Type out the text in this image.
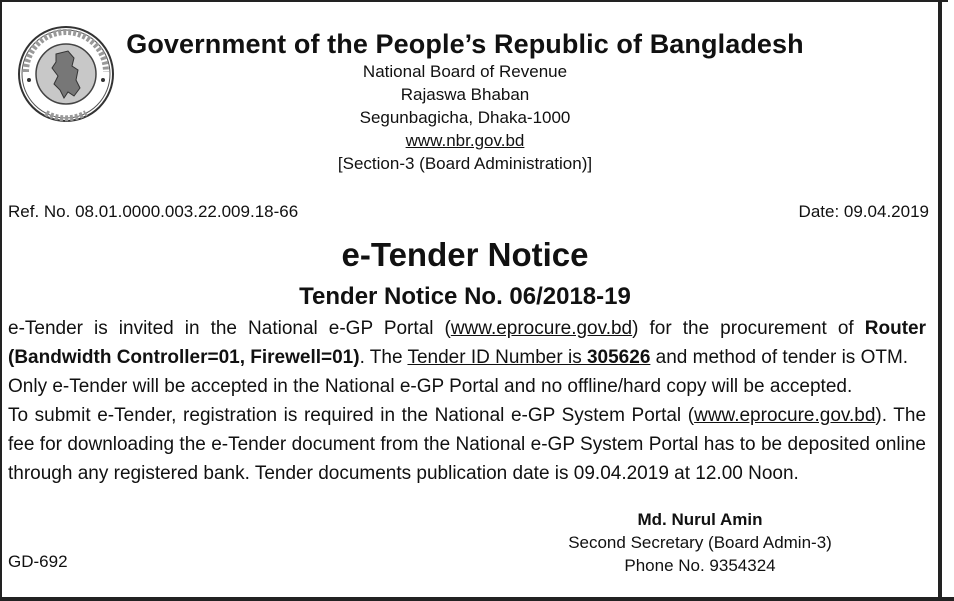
Government of the People’s Republic of Bangladesh
National Board of Revenue
Rajaswa Bhaban
Segunbagicha, Dhaka-1000
www.nbr.gov.bd
[Section-3 (Board Administration)]
Ref. No. 08.01.0000.003.22.009.18-66	Date: 09.04.2019
e-Tender Notice
Tender Notice No. 06/2018-19
e-Tender is invited in the National e-GP Portal (www.eprocure.gov.bd) for the procurement of Router (Bandwidth Controller=01, Firewell=01). The Tender ID Number is 305626 and method of tender is OTM.
Only e-Tender will be accepted in the National e-GP Portal and no offline/hard copy will be accepted.
To submit e-Tender, registration is required in the National e-GP System Portal (www.eprocure.gov.bd). The fee for downloading the e-Tender document from the National e-GP System Portal has to be deposited online through any registered bank. Tender documents publication date is 09.04.2019 at 12.00 Noon.
Md. Nurul Amin
Second Secretary (Board Admin-3)
Phone No. 9354324
GD-692
